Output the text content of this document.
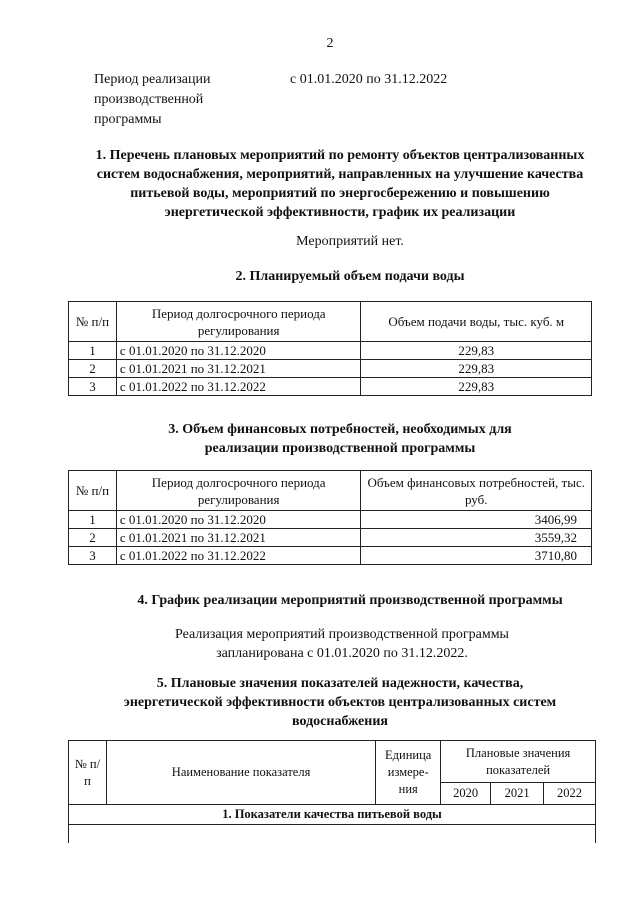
2
Период реализации производственной программы
с 01.01.2020 по 31.12.2022
1. Перечень плановых мероприятий по ремонту объектов централизованных систем водоснабжения, мероприятий, направленных на улучшение качества питьевой воды, мероприятий по энергосбережению и повышению энергетической эффективности, график их реализации
Мероприятий нет.
2. Планируемый объем подачи воды
№ п/п	Период долгосрочного периода регулирования	Объем подачи воды, тыс. куб. м
1	с 01.01.2020 по 31.12.2020	229,83
2	с 01.01.2021 по 31.12.2021	229,83
3	с 01.01.2022 по 31.12.2022	229,83
3. Объем финансовых потребностей, необходимых для реализации производственной программы
№ п/п	Период долгосрочного периода регулирования	Объем финансовых потребностей, тыс. руб.
1	с 01.01.2020 по 31.12.2020	3406,99
2	с 01.01.2021 по 31.12.2021	3559,32
3	с 01.01.2022 по 31.12.2022	3710,80
4. График реализации мероприятий производственной программы
Реализация мероприятий производственной программы
запланирована с 01.01.2020 по 31.12.2022.
5. Плановые значения показателей надежности, качества, энергетической эффективности объектов централизованных систем водоснабжения
№ п/п	Наименование показателя	Единица измере-ния	Плановые значения показателей		
			2020	2021	2022
1. Показатели качества питьевой воды					
